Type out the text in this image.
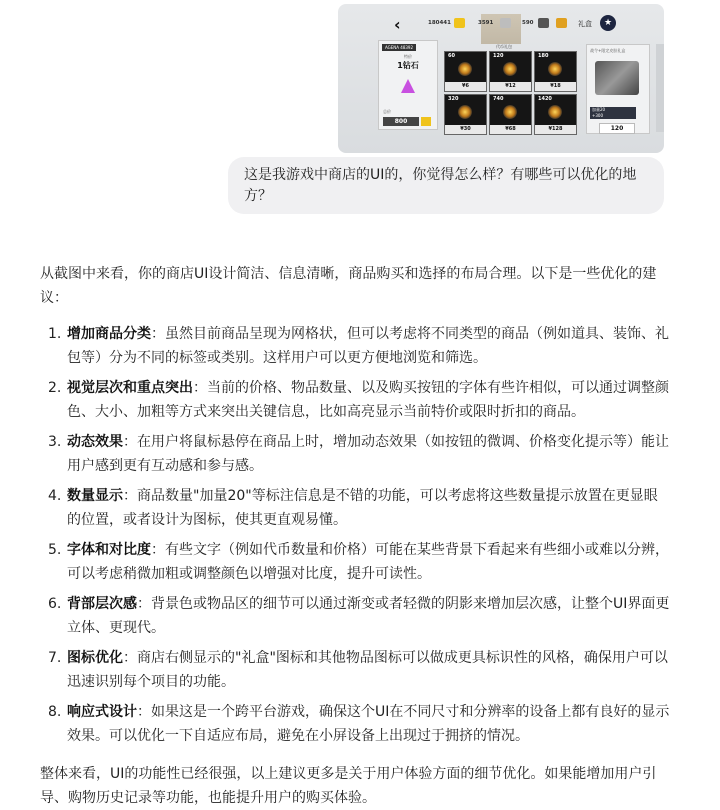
‹	180441	3591	590	礼盒	★
AGENA 48392
特价
1钻石
总价
800
代币礼包
60
¥6
120
¥12
180
¥18
320
¥30
740
¥68
1420
¥128
战令+限定皮肤礼盒
加量20
+300
120

这是我游戏中商店的UI的，你觉得怎么样？有哪些可以优化的地方？

从截图中来看，你的商店UI设计简洁、信息清晰，商品购买和选择的布局合理。以下是一些优化的建议：

1. 增加商品分类：虽然目前商品呈现为网格状，但可以考虑将不同类型的商品（例如道具、装饰、礼包等）分为不同的标签或类别。这样用户可以更方便地浏览和筛选。
2. 视觉层次和重点突出：当前的价格、物品数量、以及购买按钮的字体有些许相似，可以通过调整颜色、大小、加粗等方式来突出关键信息，比如高亮显示当前特价或限时折扣的商品。
3. 动态效果：在用户将鼠标悬停在商品上时，增加动态效果（如按钮的微调、价格变化提示等）能让用户感到更有互动感和参与感。
4. 数量显示：商品数量"加量20"等标注信息是不错的功能，可以考虑将这些数量提示放置在更显眼的位置，或者设计为图标，使其更直观易懂。
5. 字体和对比度：有些文字（例如代币数量和价格）可能在某些背景下看起来有些细小或难以分辨，可以考虑稍微加粗或调整颜色以增强对比度，提升可读性。
6. 背部层次感：背景色或物品区的细节可以通过渐变或者轻微的阴影来增加层次感，让整个UI界面更立体、更现代。
7. 图标优化：商店右侧显示的"礼盒"图标和其他物品图标可以做成更具标识性的风格，确保用户可以迅速识别每个项目的功能。
8. 响应式设计：如果这是一个跨平台游戏，确保这个UI在不同尺寸和分辨率的设备上都有良好的显示效果。可以优化一下自适应布局，避免在小屏设备上出现过于拥挤的情况。

整体来看，UI的功能性已经很强，以上建议更多是关于用户体验方面的细节优化。如果能增加用户引导、购物历史记录等功能，也能提升用户的购买体验。
